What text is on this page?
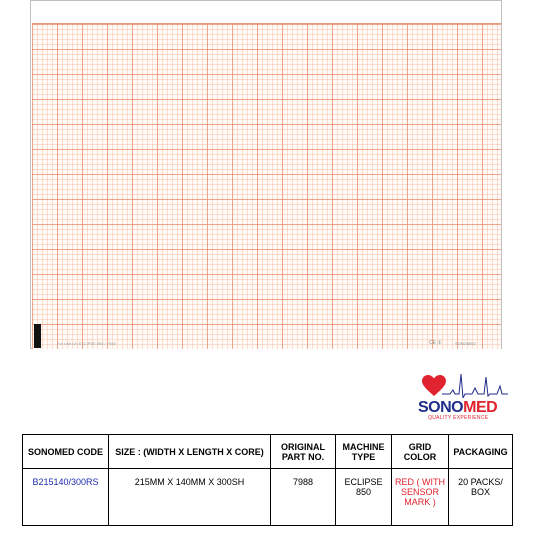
For Use On ECLIPSE 850 / 7988	CE ①	SONOMED
SONOMED
QUALITY EXPERIENCE
SONOMED CODE	SIZE : (WIDTH X LENGTH X CORE)	ORIGINAL PART NO.	MACHINE TYPE	GRID COLOR	PACKAGING
B215140/300RS	215MM X 140MM X 300SH	7988	ECLIPSE 850	RED ( WITH SENSOR MARK )	20 PACKS/ BOX
